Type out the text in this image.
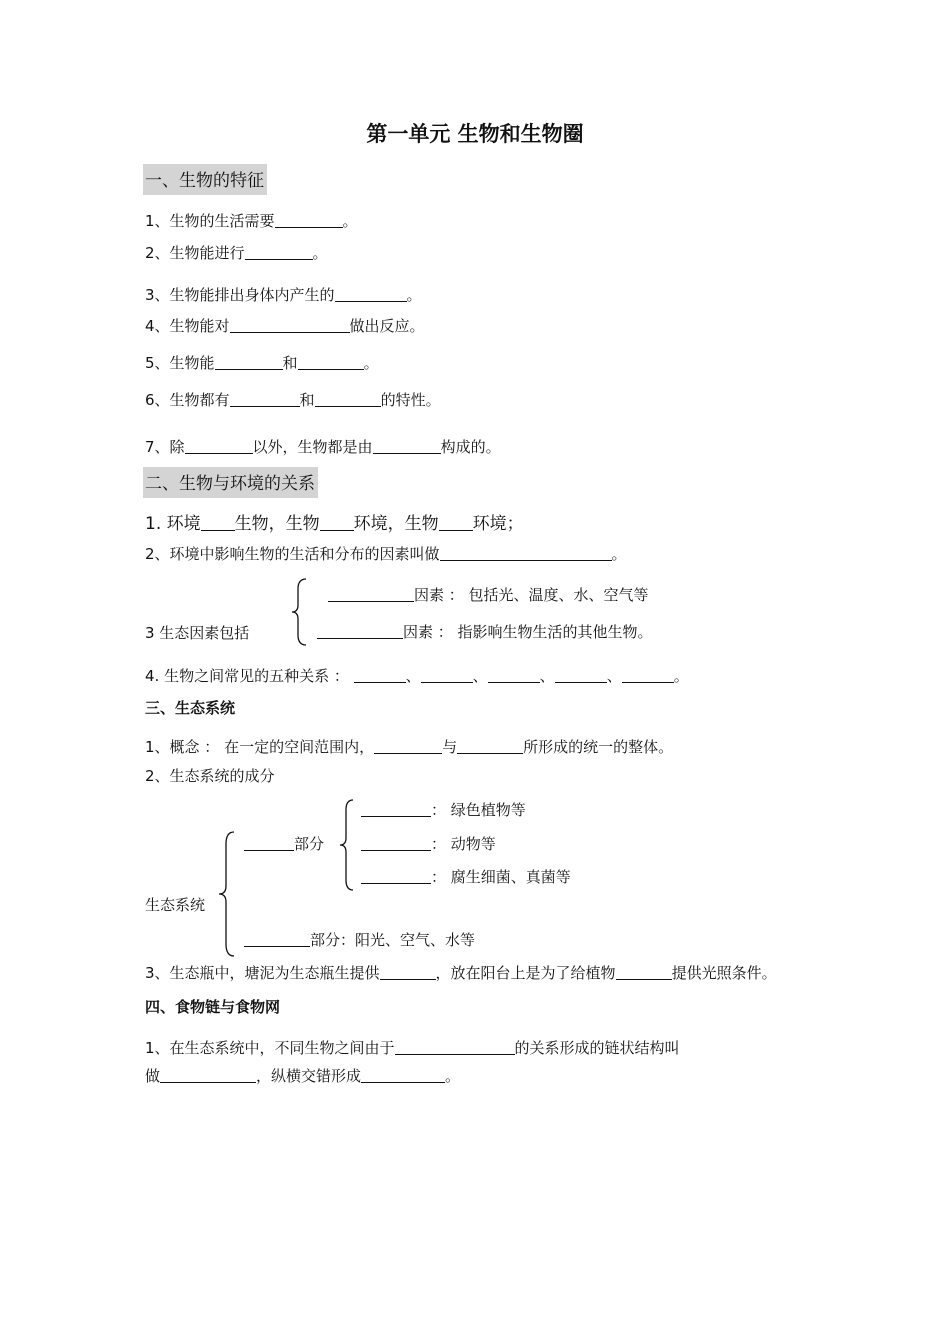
第一单元 生物和生物圈
一、生物的特征
1、生物的生活需要	。
2、生物能进行	。
3、生物能排出身体内产生的	。
4、生物能对	做出反应。
5、生物能	和	。
6、生物都有	和	的特性。
7、除	以外，生物都是由	构成的。
二、生物与环境的关系
1. 环境 生物，生物 环境，生物 环境；
2、环境中影响生物的生活和分布的因素叫做	。
3 生态因素包括
因素 ： 包括光、温度、水、空气等
因素 ： 指影响生物生活的其他生物。
4. 生物之间常见的五种关系 ：	、	、	、	、	。
三、生态系统
1、概念 ： 在一定的空间范围内，	与	所形成的统一的整体。
2、生态系统的成分
生态系统
部分
： 绿色植物等
： 动物等
： 腐生细菌、真菌等
部分：阳光、空气、水等
3、生态瓶中，塘泥为生态瓶生提供	，放在阳台上是为了给植物	提供光照条件。
四、食物链与食物网
1、在生态系统中，不同生物之间由于	的关系形成的链状结构叫
做	，纵横交错形成	。
